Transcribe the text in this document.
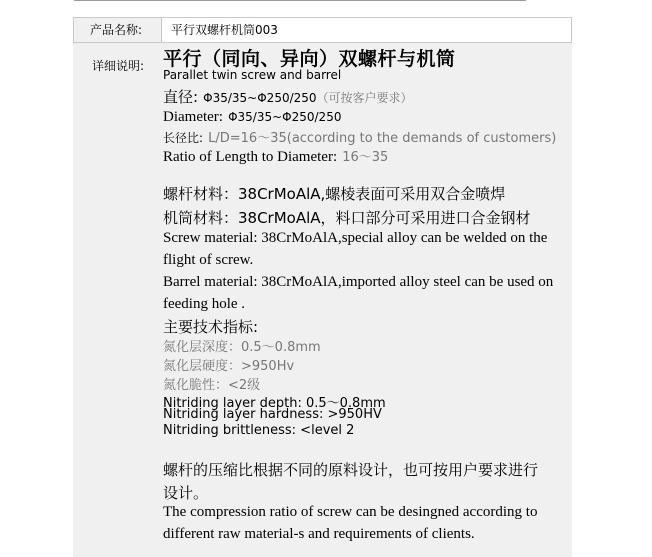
产品名称:	平行双螺杆机筒003
详细说明: 平行（同向、异向）双螺杆与机筒
Parallet twin screw and barrel
直径: Φ35/35~Φ250/250（可按客户要求）
Diameter: Φ35/35~Φ250/250
长径比: L/D=16～35(according to the demands of customers)
Ratio of Length to Diameter: 16～35
螺杆材料：38CrMoAlA,螺棱表面可采用双合金喷焊
机筒材料：38CrMoAlA，料口部分可采用进口合金钢材
Screw material: 38CrMoAlA,special alloy can be welded on the
flight of screw.
Barrel material: 38CrMoAlA,imported alloy steel can be used on
feeding hole .
主要技术指标:
氮化层深度：0.5～0.8mm
氮化层硬度：>950Hv
氮化脆性：<2级
Nitriding layer depth: 0.5～0.8mm
Nitriding layer hardness: >950HV
Nitriding brittleness: <level 2
螺杆的压缩比根据不同的原料设计，也可按用户要求进行
设计。
The compression ratio of screw can be desingned according to
different raw material-s and requirements of clients.
